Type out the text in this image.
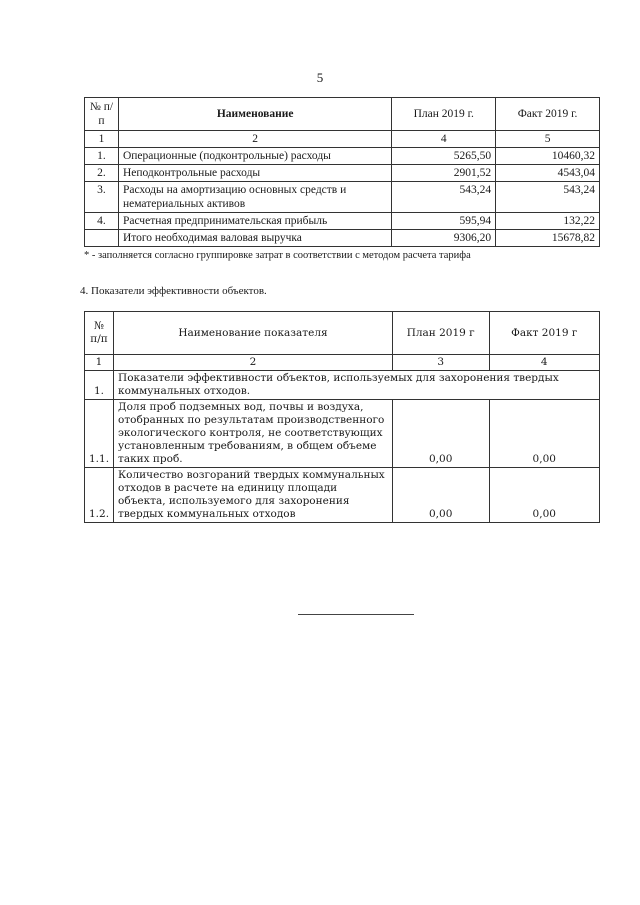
5
№ п/п	Наименование	План 2019 г.	Факт 2019 г.
1	2	4	5
1.	Операционные (подконтрольные) расходы	5265,50	10460,32
2.	Неподконтрольные расходы	2901,52	4543,04
3.	Расходы на амортизацию основных средств и нематериальных активов	543,24	543,24
4.	Расчетная предпринимательская прибыль	595,94	132,22
	Итого необходимая валовая выручка	9306,20	15678,82
* - заполняется согласно группировке затрат в соответствии с методом расчета тарифа
4. Показатели эффективности объектов.
№ п/п	Наименование показателя	План 2019 г	Факт 2019 г
1	2	3	4
1.	Показатели эффективности объектов, используемых для захоронения твердых коммунальных отходов.		
1.1.	Доля проб подземных вод, почвы и воздуха, отобранных по результатам производственного экологического контроля, не соответствующих установленным требованиям, в общем объеме таких проб.	0,00	0,00
1.2.	Количество возгораний твердых коммунальных отходов в расчете на единицу площади объекта, используемого для захоронения твердых коммунальных отходов	0,00	0,00
